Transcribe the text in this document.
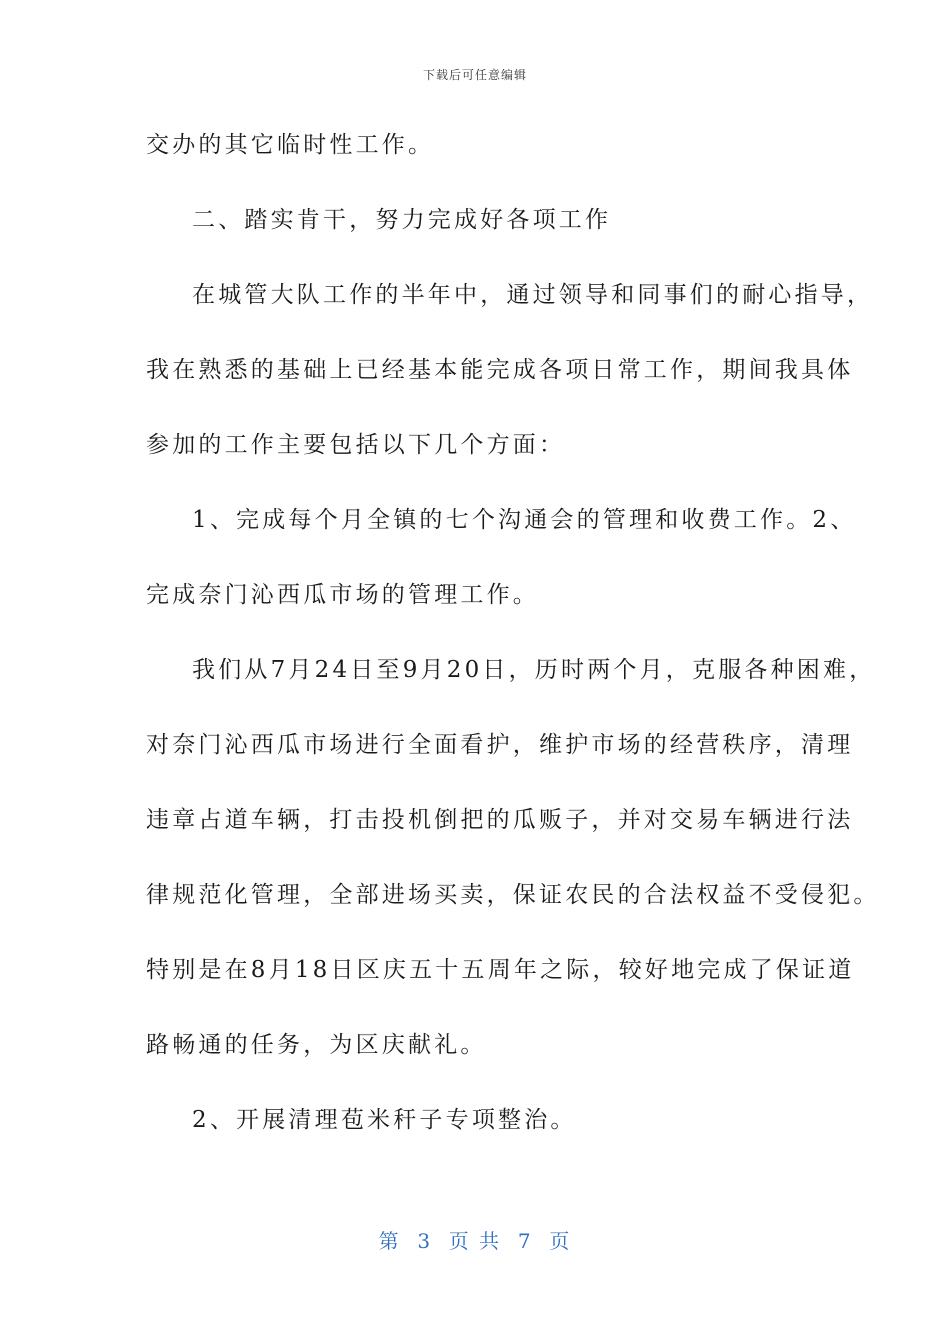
下载后可任意编辑
交办的其它临时性工作。
二、踏实肯干，努力完成好各项工作
在城管大队工作的半年中，通过领导和同事们的耐心指导，
我在熟悉的基础上已经基本能完成各项日常工作，期间我具体
参加的工作主要包括以下几个方面：
1、完成每个月全镇的七个沟通会的管理和收费工作。2、
完成奈门沁西瓜市场的管理工作。
我们从7月24日至9月20日，历时两个月，克服各种困难，
对奈门沁西瓜市场进行全面看护，维护市场的经营秩序，清理
违章占道车辆，打击投机倒把的瓜贩子，并对交易车辆进行法
律规范化管理，全部进场买卖，保证农民的合法权益不受侵犯。
特别是在8月18日区庆五十五周年之际，较好地完成了保证道
路畅通的任务，为区庆献礼。
2、开展清理苞米秆子专项整治。
第  3  页 共  7  页
